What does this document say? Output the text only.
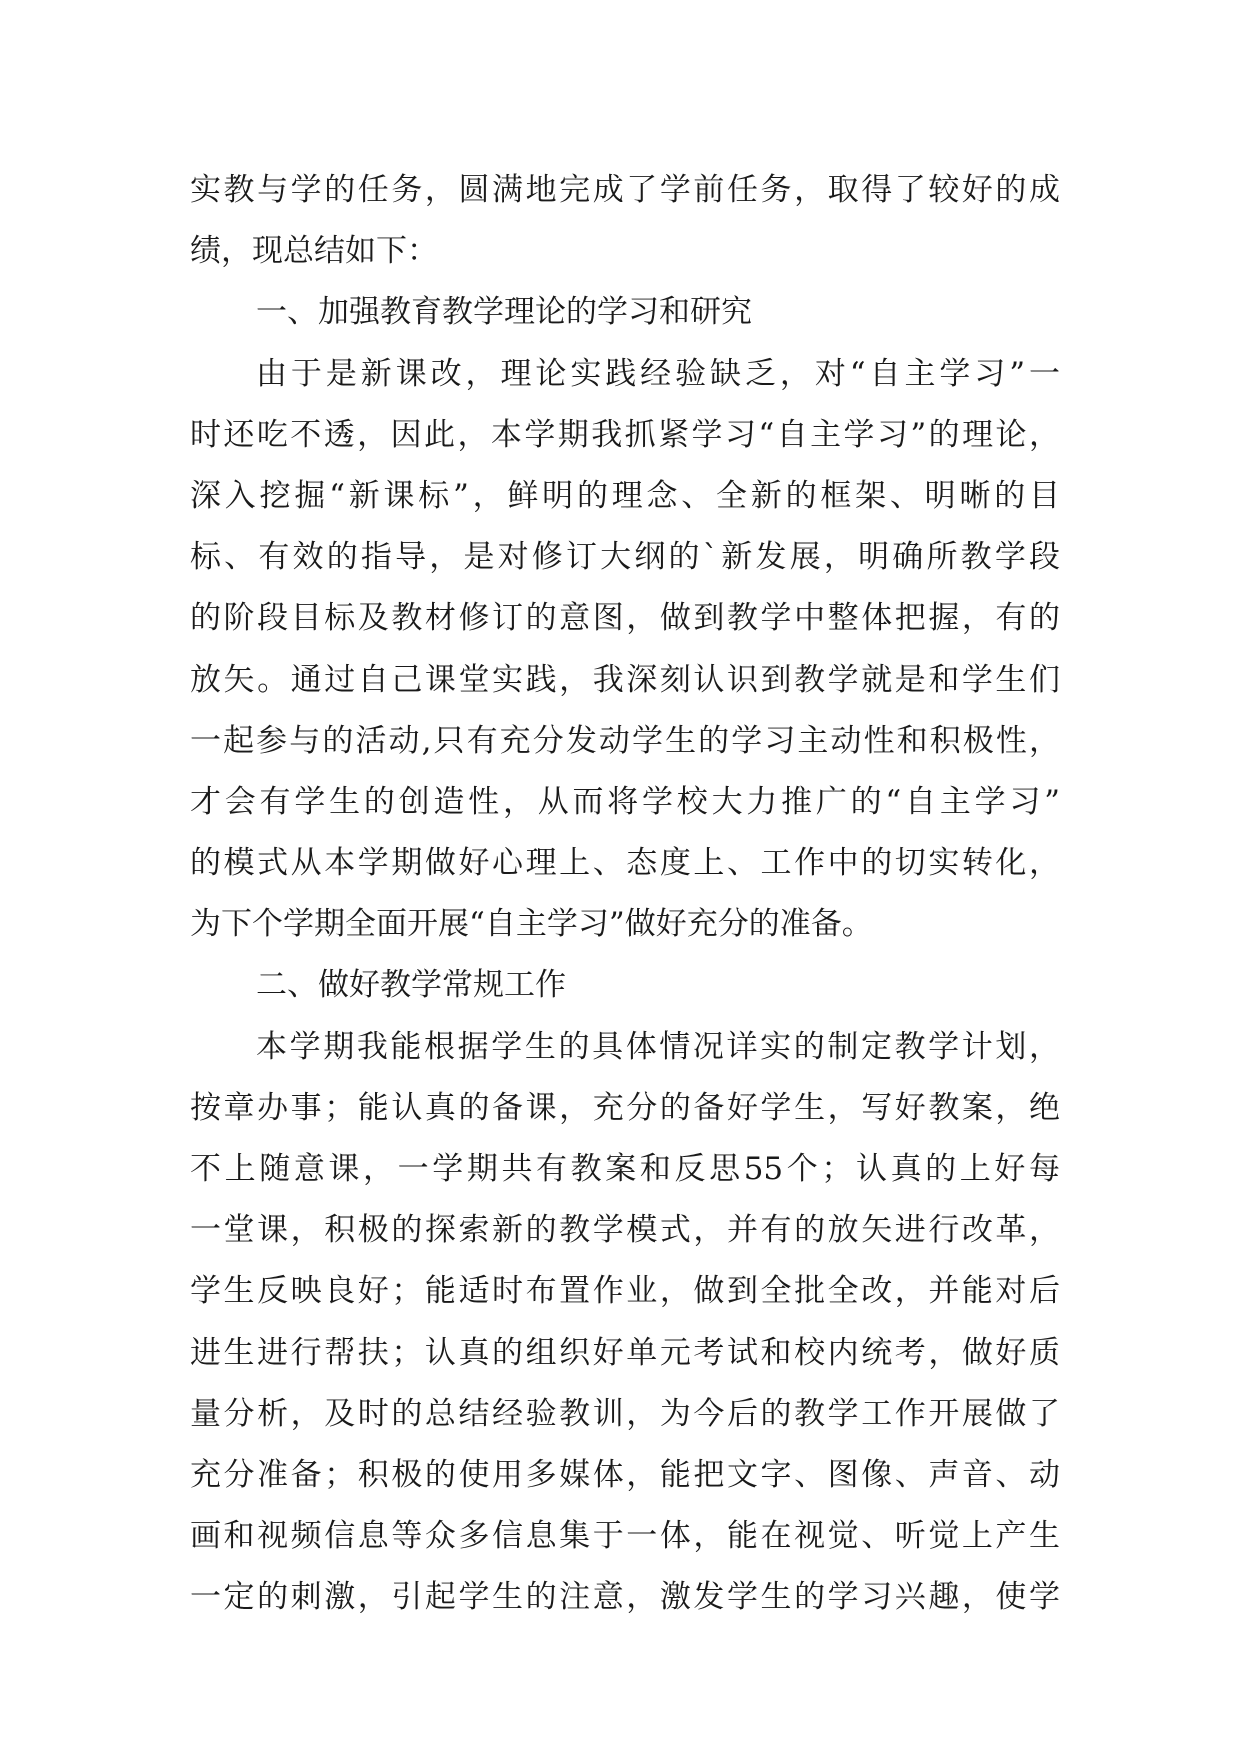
实教与学的任务，圆满地完成了学前任务，取得了较好的成
绩，现总结如下：
一、加强教育教学理论的学习和研究
由于是新课改，理论实践经验缺乏，对“自主学习”一
时还吃不透，因此，本学期我抓紧学习“自主学习”的理论，
深入挖掘“新课标”，鲜明的理念、全新的框架、明晰的目
标、有效的指导，是对修订大纲的`新发展，明确所教学段
的阶段目标及教材修订的意图，做到教学中整体把握，有的
放矢。通过自己课堂实践，我深刻认识到教学就是和学生们
一起参与的活动,只有充分发动学生的学习主动性和积极性，
才会有学生的创造性，从而将学校大力推广的“自主学习”
的模式从本学期做好心理上、态度上、工作中的切实转化，
为下个学期全面开展“自主学习”做好充分的准备。
二、做好教学常规工作
本学期我能根据学生的具体情况详实的制定教学计划，
按章办事；能认真的备课，充分的备好学生，写好教案，绝
不上随意课，一学期共有教案和反思55个；认真的上好每
一堂课，积极的探索新的教学模式，并有的放矢进行改革，
学生反映良好；能适时布置作业，做到全批全改，并能对后
进生进行帮扶；认真的组织好单元考试和校内统考，做好质
量分析，及时的总结经验教训，为今后的教学工作开展做了
充分准备；积极的使用多媒体，能把文字、图像、声音、动
画和视频信息等众多信息集于一体，能在视觉、听觉上产生
一定的刺激，引起学生的注意，激发学生的学习兴趣，使学
